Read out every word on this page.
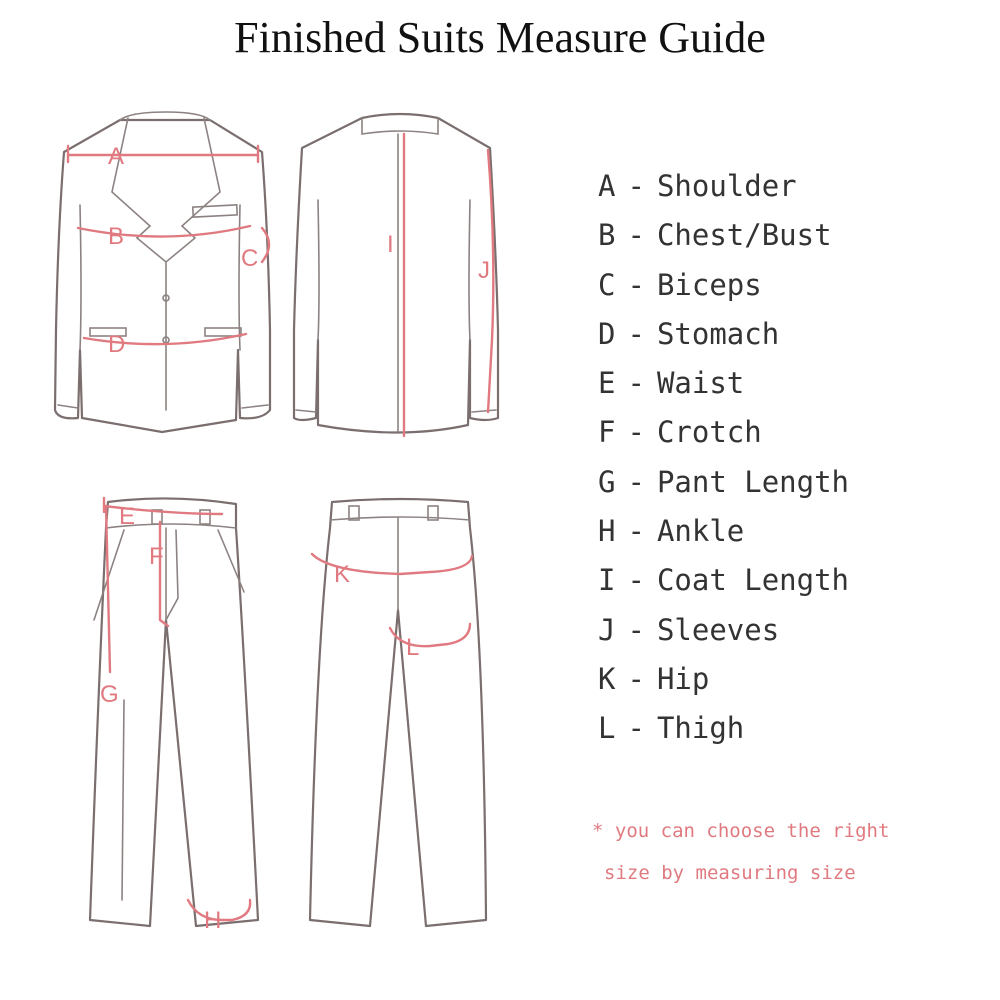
Finished Suits Measure Guide
A
B
C
D
I
J
E
F
G
H
K
L
A - Shoulder
B - Chest/Bust
C - Biceps
D - Stomach
E - Waist
F - Crotch
G - Pant Length
H - Ankle
I - Coat Length
J - Sleeves
K - Hip
L - Thigh
* you can choose the right
size by measuring size
